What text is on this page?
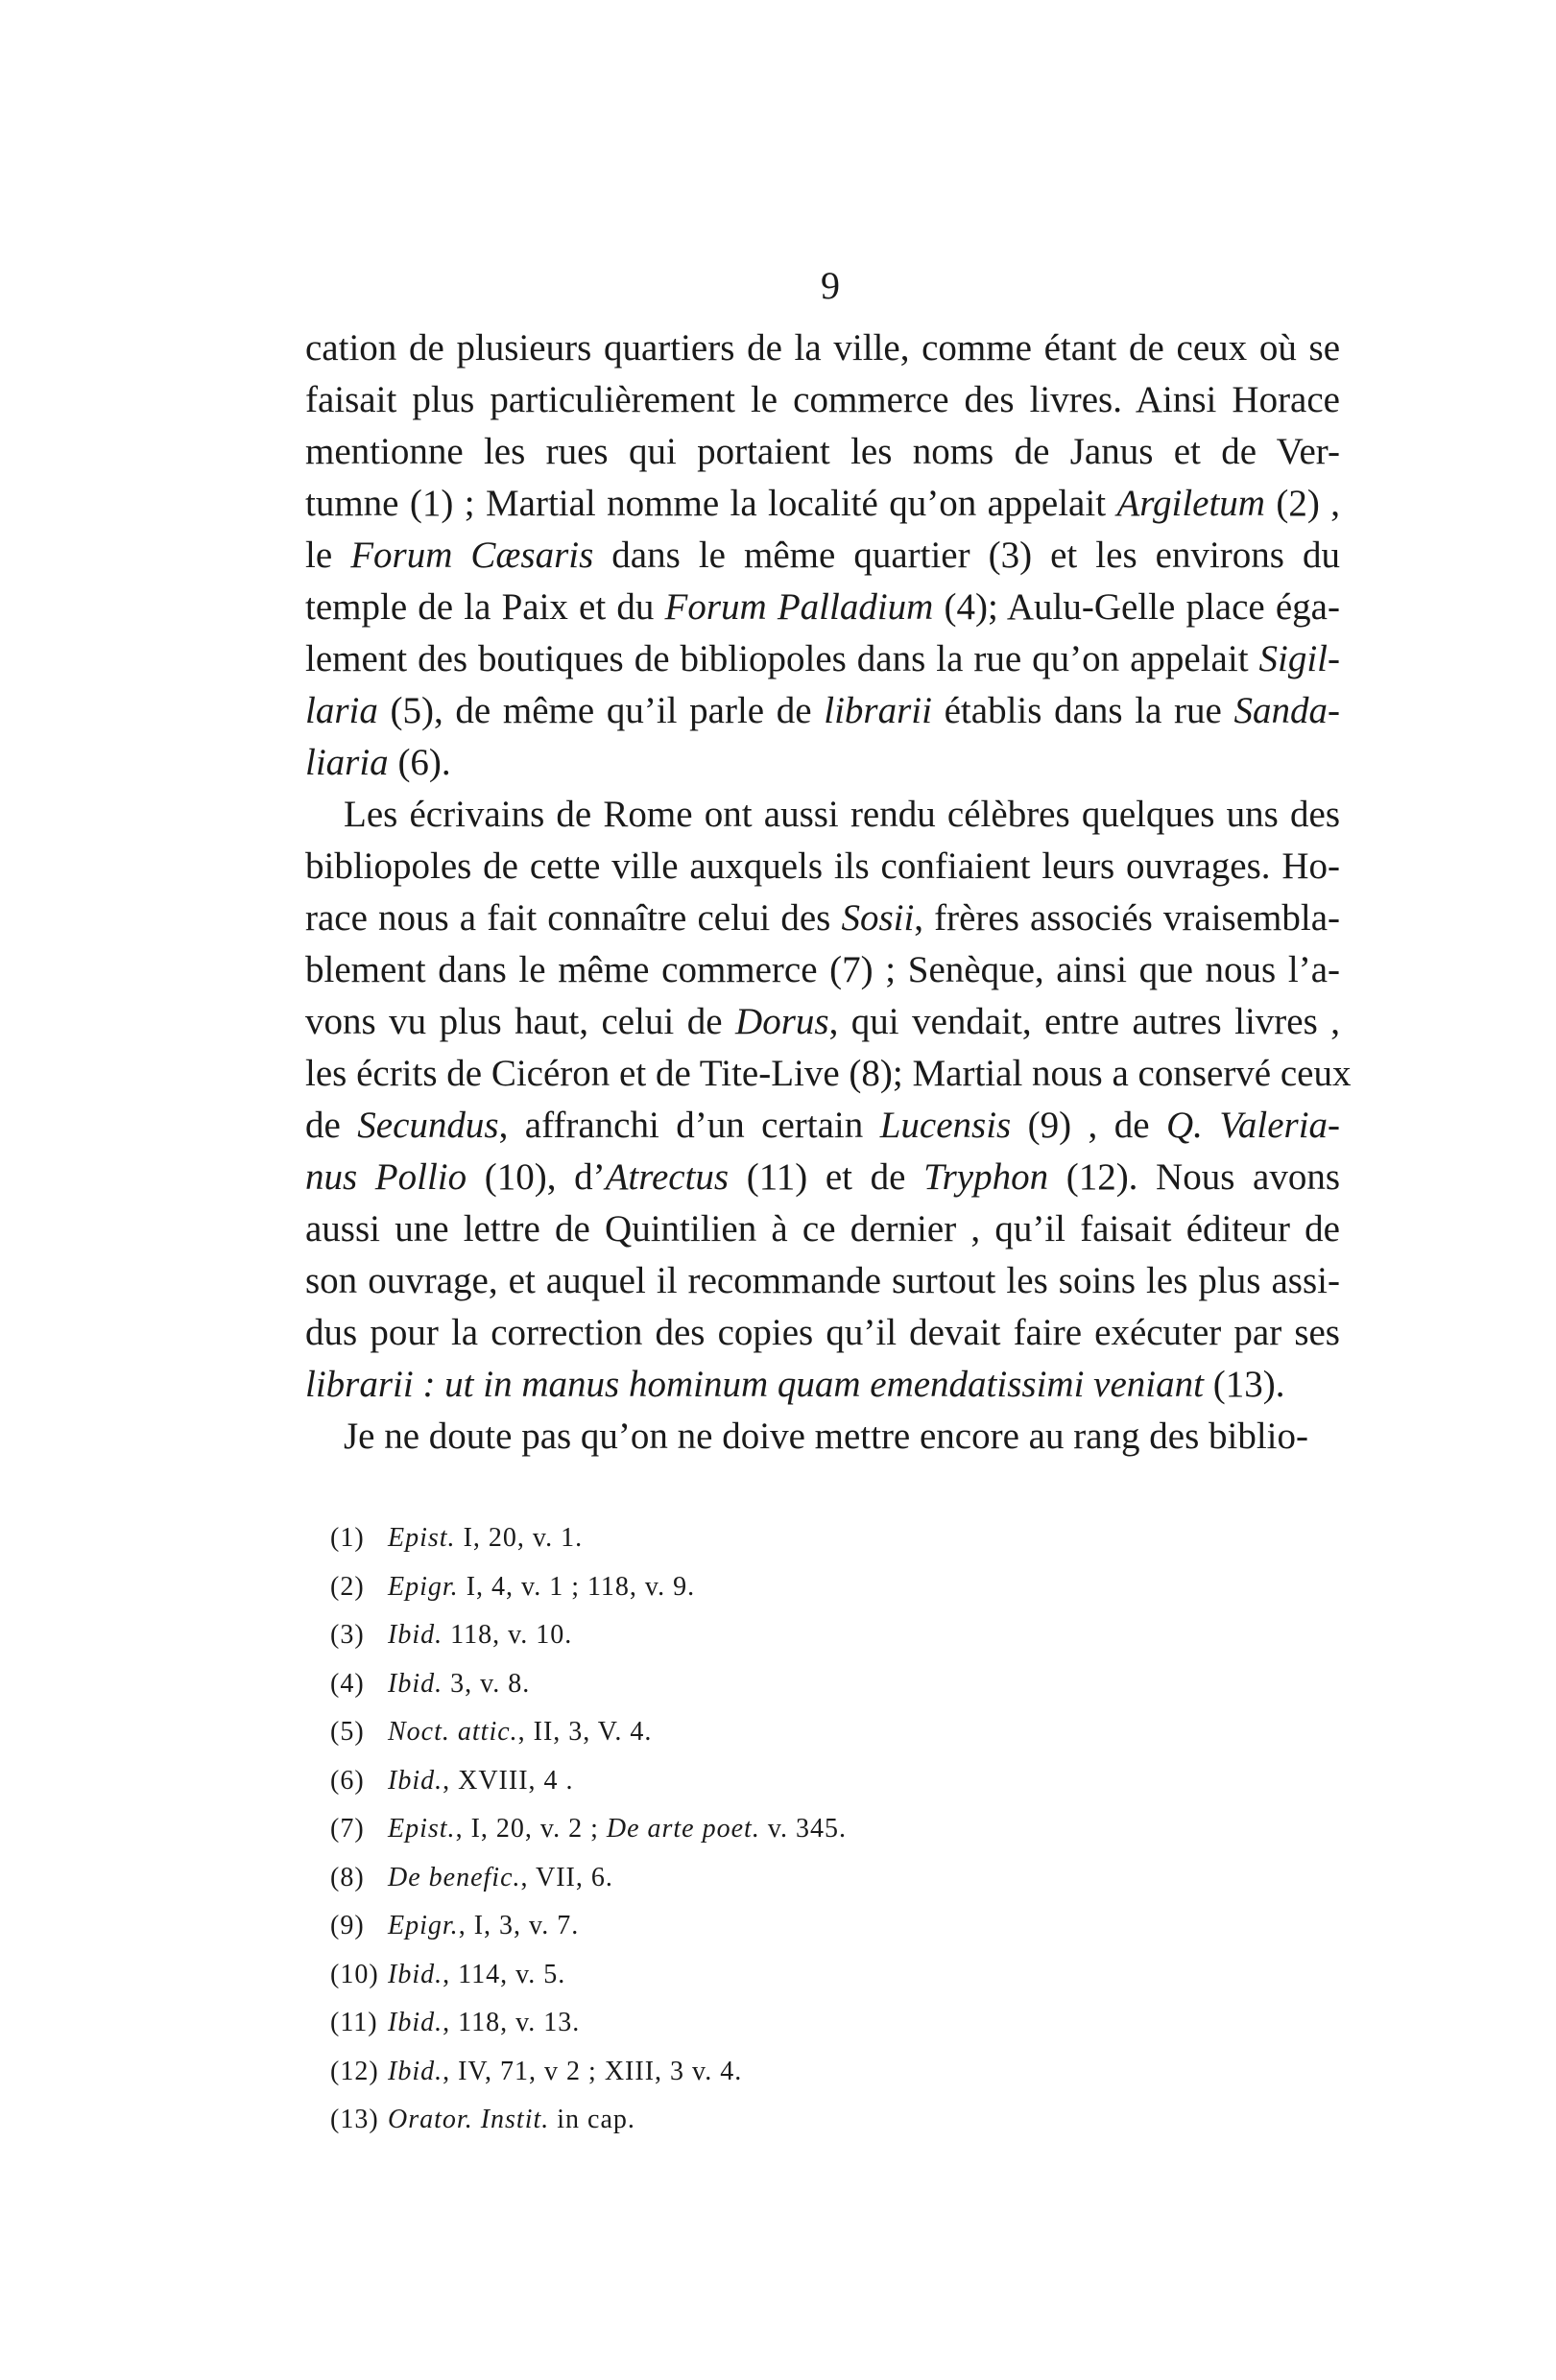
9
cation de plusieurs quartiers de la ville, comme étant de ceux où se
faisait plus particulièrement le commerce des livres. Ainsi Horace
mentionne les rues qui portaient les noms de Janus et de Ver-
tumne (1) ; Martial nomme la localité qu’on appelait Argiletum (2) ,
le Forum Cæsaris dans le même quartier (3) et les environs du
temple de la Paix et du Forum Palladium (4); Aulu-Gelle place éga-
lement des boutiques de bibliopoles dans la rue qu’on appelait Sigil-
laria (5), de même qu’il parle de librarii établis dans la rue Sanda-
liaria (6).
Les écrivains de Rome ont aussi rendu célèbres quelques uns des
bibliopoles de cette ville auxquels ils confiaient leurs ouvrages. Ho-
race nous a fait connaître celui des Sosii, frères associés vraisembla-
blement dans le même commerce (7) ; Senèque, ainsi que nous l’a-
vons vu plus haut, celui de Dorus, qui vendait, entre autres livres ,
les écrits de Cicéron et de Tite-Live (8); Martial nous a conservé ceux
de Secundus, affranchi d’un certain Lucensis (9) , de Q. Valeria-
nus Pollio (10), d’Atrectus (11) et de Tryphon (12). Nous avons
aussi une lettre de Quintilien à ce dernier , qu’il faisait éditeur de
son ouvrage, et auquel il recommande surtout les soins les plus assi-
dus pour la correction des copies qu’il devait faire exécuter par ses
librarii : ut in manus hominum quam emendatissimi veniant (13).
Je ne doute pas qu’on ne doive mettre encore au rang des biblio-
(1) Epist. I, 20, v. 1.
(2) Epigr. I, 4, v. 1 ; 118, v. 9.
(3) Ibid. 118, v. 10.
(4) Ibid. 3, v. 8.
(5) Noct. attic., II, 3, V. 4.
(6) Ibid., XVIII, 4 .
(7) Epist., I, 20, v. 2 ; De arte poet. v. 345.
(8) De benefic., VII, 6.
(9) Epigr., I, 3, v. 7.
(10) Ibid., 114, v. 5.
(11) Ibid., 118, v. 13.
(12) Ibid., IV, 71, v 2 ; XIII, 3 v. 4.
(13) Orator. Instit. in cap.
